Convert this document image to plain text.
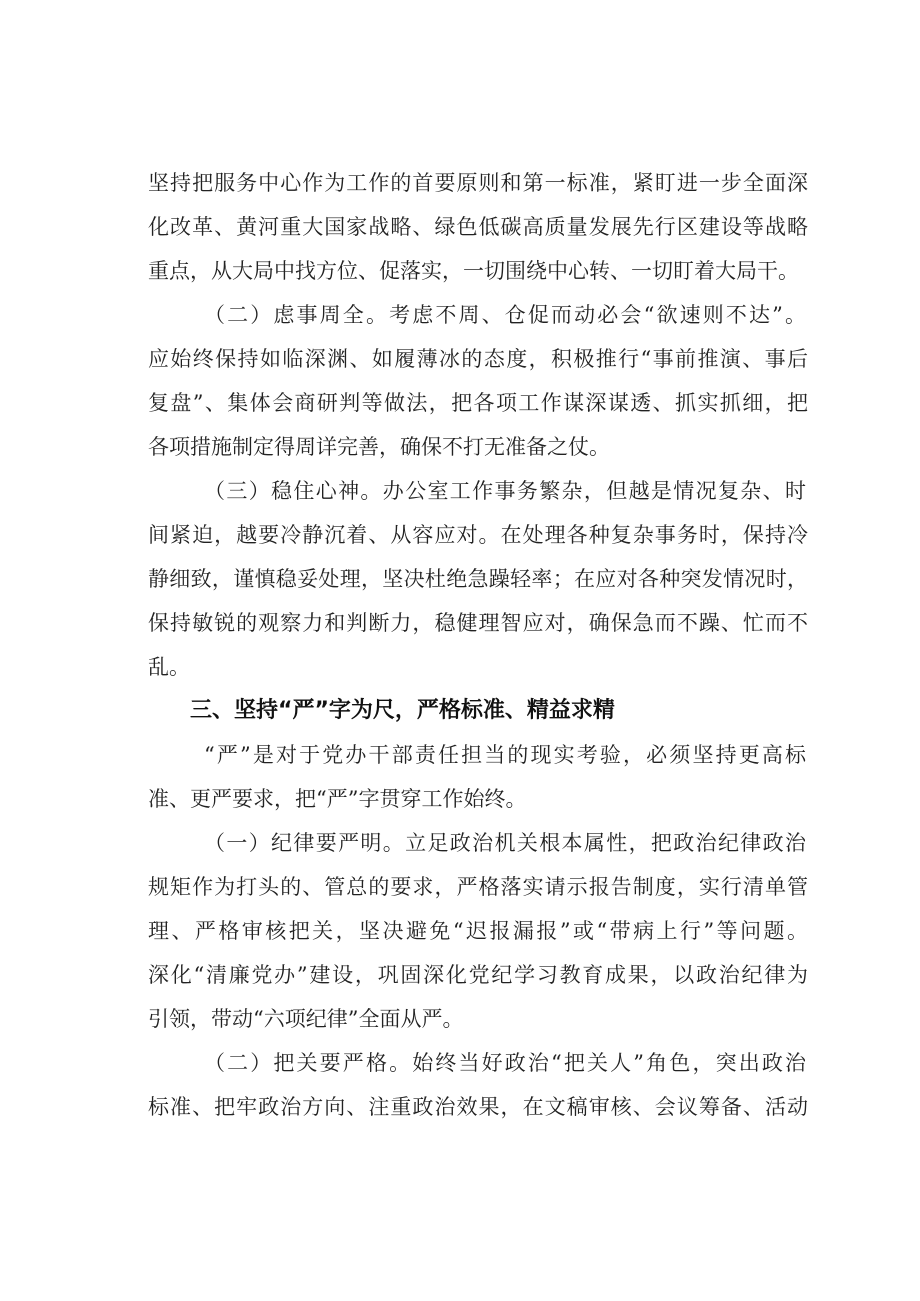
坚持把服务中心作为工作的首要原则和第一标准，紧盯进一步全面深
化改革、黄河重大国家战略、绿色低碳高质量发展先行区建设等战略
重点，从大局中找方位、促落实，一切围绕中心转、一切盯着大局干。
（二）虑事周全。考虑不周、仓促而动必会“欲速则不达”。
应始终保持如临深渊、如履薄冰的态度，积极推行“事前推演、事后
复盘”、集体会商研判等做法，把各项工作谋深谋透、抓实抓细，把
各项措施制定得周详完善，确保不打无准备之仗。
（三）稳住心神。办公室工作事务繁杂，但越是情况复杂、时
间紧迫，越要冷静沉着、从容应对。在处理各种复杂事务时，保持冷
静细致，谨慎稳妥处理，坚决杜绝急躁轻率；在应对各种突发情况时，
保持敏锐的观察力和判断力，稳健理智应对，确保急而不躁、忙而不
乱。
三、坚持“严”字为尺，严格标准、精益求精
“严”是对于党办干部责任担当的现实考验，必须坚持更高标
准、更严要求，把“严”字贯穿工作始终。
（一）纪律要严明。立足政治机关根本属性，把政治纪律政治
规矩作为打头的、管总的要求，严格落实请示报告制度，实行清单管
理、严格审核把关，坚决避免“迟报漏报”或“带病上行”等问题。
深化“清廉党办”建设，巩固深化党纪学习教育成果，以政治纪律为
引领，带动“六项纪律”全面从严。
（二）把关要严格。始终当好政治“把关人”角色，突出政治
标准、把牢政治方向、注重政治效果，在文稿审核、会议筹备、活动
